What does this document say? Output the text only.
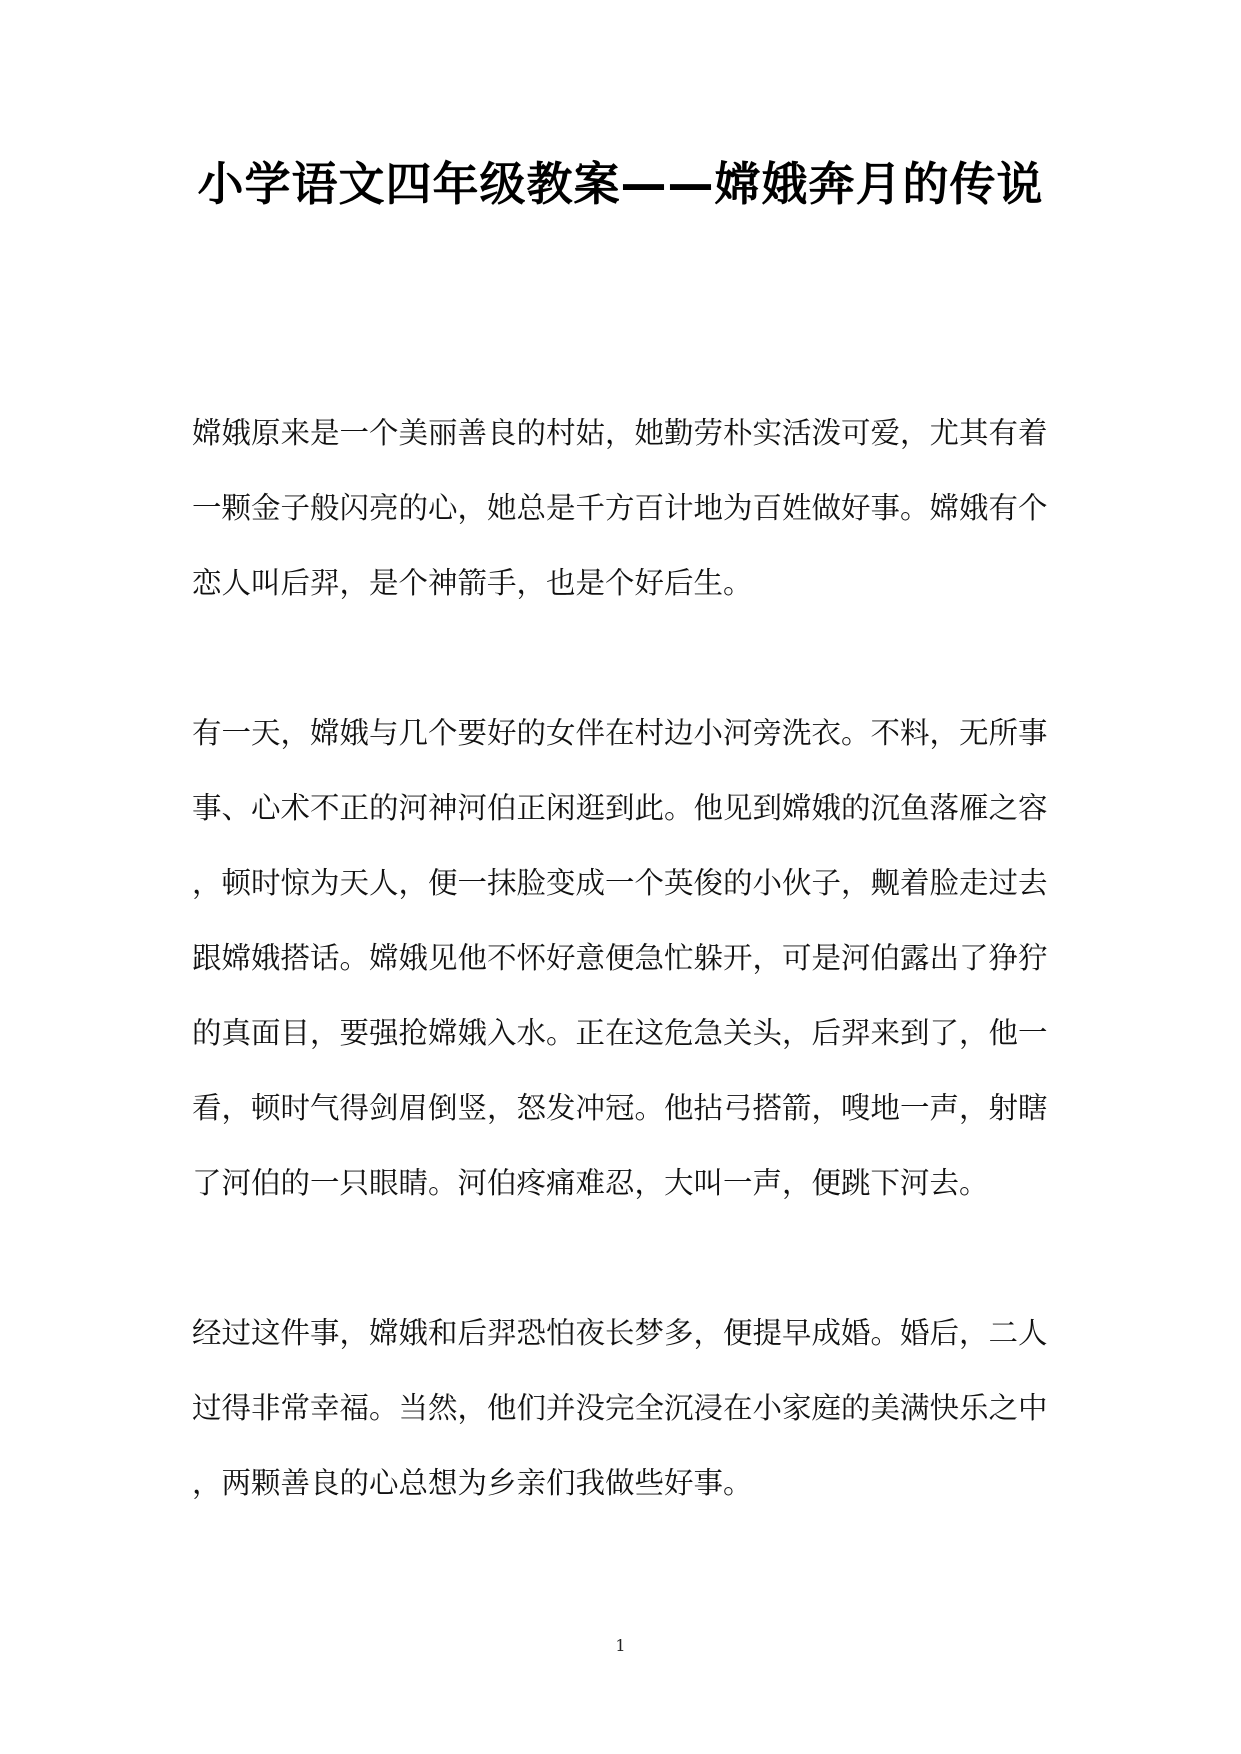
小学语文四年级教案——嫦娥奔月的传说

嫦娥原来是一个美丽善良的村姑，她勤劳朴实活泼可爱，尤其有着

一颗金子般闪亮的心，她总是千方百计地为百姓做好事。嫦娥有个

恋人叫后羿，是个神箭手，也是个好后生。

有一天，嫦娥与几个要好的女伴在村边小河旁洗衣。不料，无所事

事、心术不正的河神河伯正闲逛到此。他见到嫦娥的沉鱼落雁之容

，顿时惊为天人，便一抹脸变成一个英俊的小伙子，觍着脸走过去

跟嫦娥搭话。嫦娥见他不怀好意便急忙躲开，可是河伯露出了狰狞

的真面目，要强抢嫦娥入水。正在这危急关头，后羿来到了，他一

看，顿时气得剑眉倒竖，怒发冲冠。他拈弓搭箭，嗖地一声，射瞎

了河伯的一只眼睛。河伯疼痛难忍，大叫一声，便跳下河去。

经过这件事，嫦娥和后羿恐怕夜长梦多，便提早成婚。婚后，二人

过得非常幸福。当然，他们并没完全沉浸在小家庭的美满快乐之中

，两颗善良的心总想为乡亲们我做些好事。

1
